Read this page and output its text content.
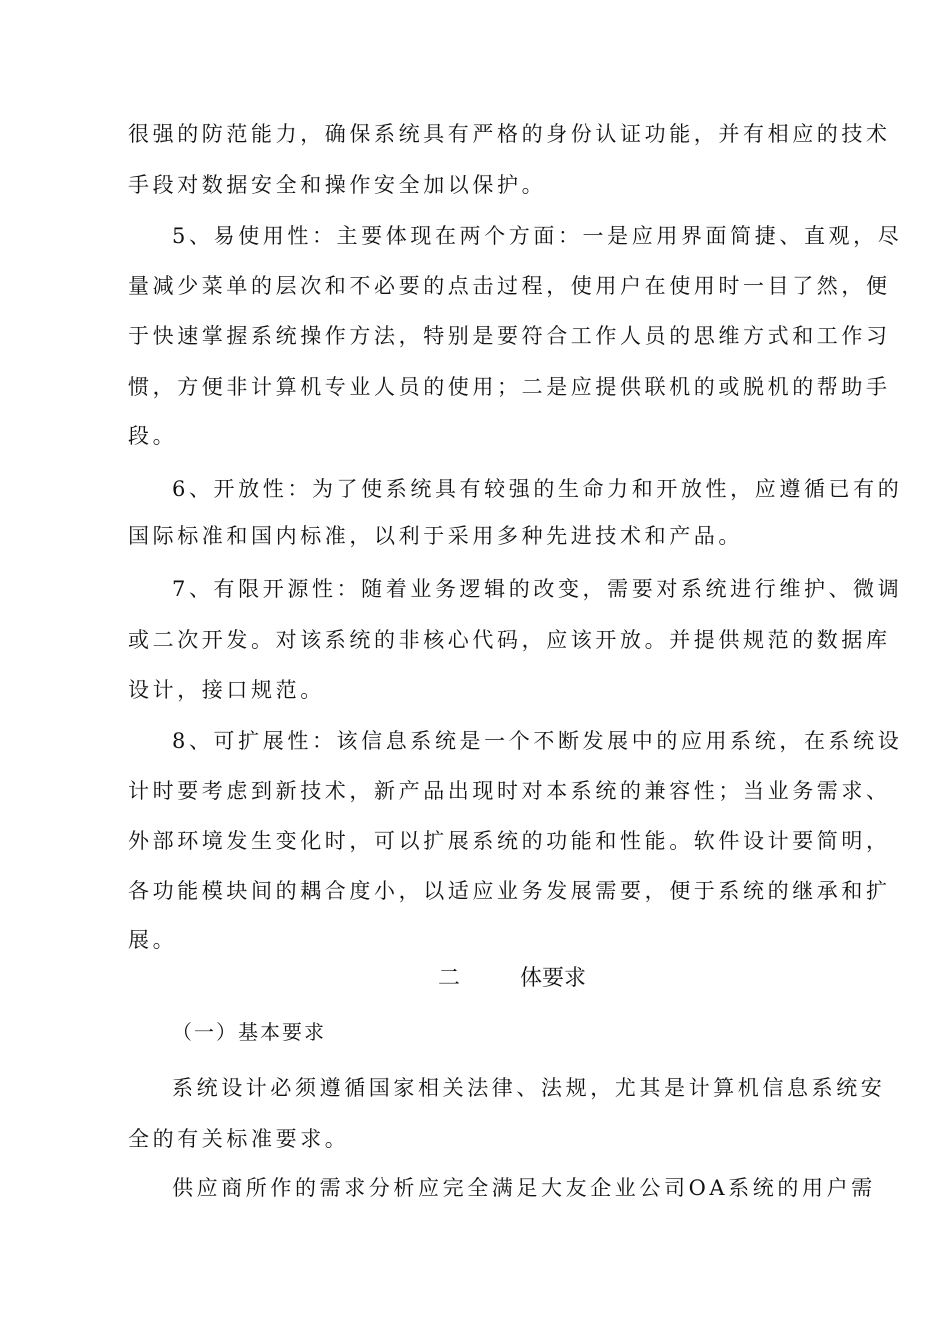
很强的防范能力，确保系统具有严格的身份认证功能，并有相应的技术
手段对数据安全和操作安全加以保护。
5、易使用性：主要体现在两个方面：一是应用界面简捷、直观，尽
量减少菜单的层次和不必要的点击过程，使用户在使用时一目了然，便
于快速掌握系统操作方法，特别是要符合工作人员的思维方式和工作习
惯，方便非计算机专业人员的使用；二是应提供联机的或脱机的帮助手
段。
6、开放性：为了使系统具有较强的生命力和开放性，应遵循已有的
国际标准和国内标准，以利于采用多种先进技术和产品。
7、有限开源性：随着业务逻辑的改变，需要对系统进行维护、微调
或二次开发。对该系统的非核心代码，应该开放。并提供规范的数据库
设计，接口规范。
8、可扩展性：该信息系统是一个不断发展中的应用系统，在系统设
计时要考虑到新技术，新产品出现时对本系统的兼容性；当业务需求、
外部环境发生变化时，可以扩展系统的功能和性能。软件设计要简明，
各功能模块间的耦合度小，以适应业务发展需要，便于系统的继承和扩
展。
二	体要求
（一）基本要求
系统设计必须遵循国家相关法律、法规，尤其是计算机信息系统安
全的有关标准要求。
供应商所作的需求分析应完全满足大友企业公司OA系统的用户需
